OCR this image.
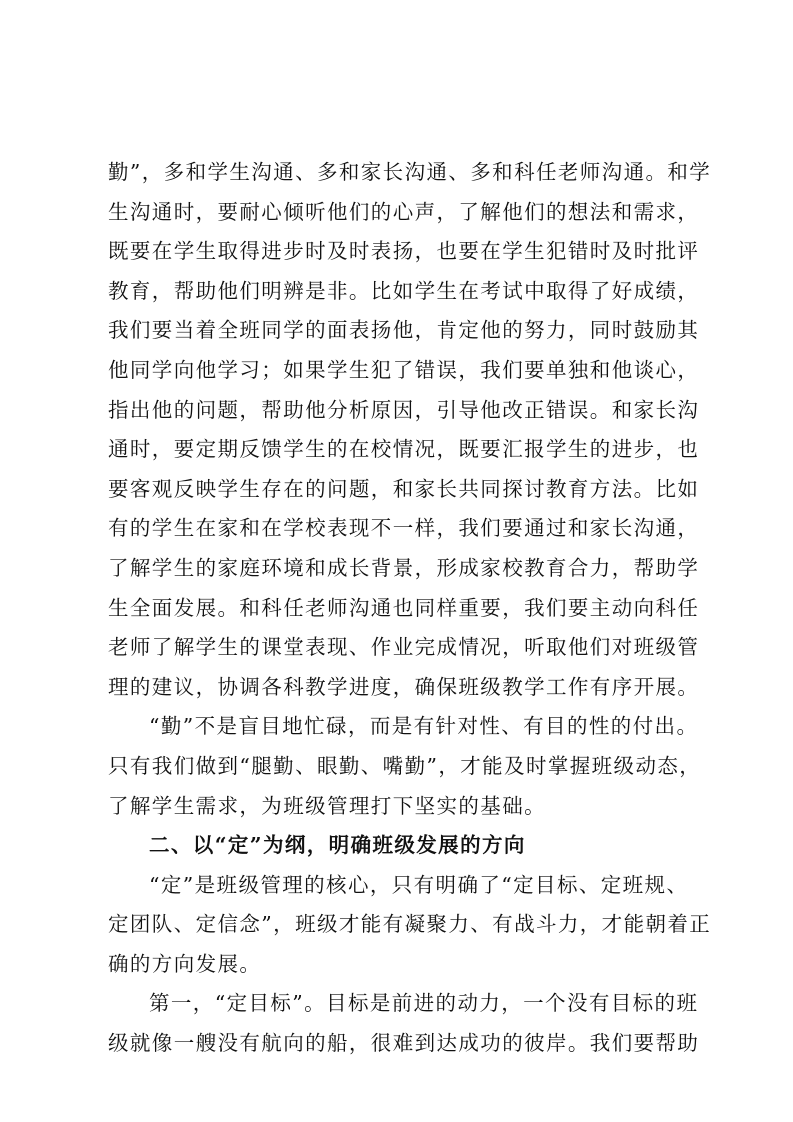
勤”，多和学生沟通、多和家长沟通、多和科任老师沟通。和学
生沟通时，要耐心倾听他们的心声，了解他们的想法和需求，
既要在学生取得进步时及时表扬，也要在学生犯错时及时批评
教育，帮助他们明辨是非。比如学生在考试中取得了好成绩，
我们要当着全班同学的面表扬他，肯定他的努力，同时鼓励其
他同学向他学习；如果学生犯了错误，我们要单独和他谈心，
指出他的问题，帮助他分析原因，引导他改正错误。和家长沟
通时，要定期反馈学生的在校情况，既要汇报学生的进步，也
要客观反映学生存在的问题，和家长共同探讨教育方法。比如
有的学生在家和在学校表现不一样，我们要通过和家长沟通，
了解学生的家庭环境和成长背景，形成家校教育合力，帮助学
生全面发展。和科任老师沟通也同样重要，我们要主动向科任
老师了解学生的课堂表现、作业完成情况，听取他们对班级管
理的建议，协调各科教学进度，确保班级教学工作有序开展。
“勤”不是盲目地忙碌，而是有针对性、有目的性的付出。
只有我们做到“腿勤、眼勤、嘴勤”，才能及时掌握班级动态，
了解学生需求，为班级管理打下坚实的基础。
二、以“定”为纲，明确班级发展的方向
“定”是班级管理的核心，只有明确了“定目标、定班规、
定团队、定信念”，班级才能有凝聚力、有战斗力，才能朝着正
确的方向发展。
第一，“定目标”。目标是前进的动力，一个没有目标的班
级就像一艘没有航向的船，很难到达成功的彼岸。我们要帮助
